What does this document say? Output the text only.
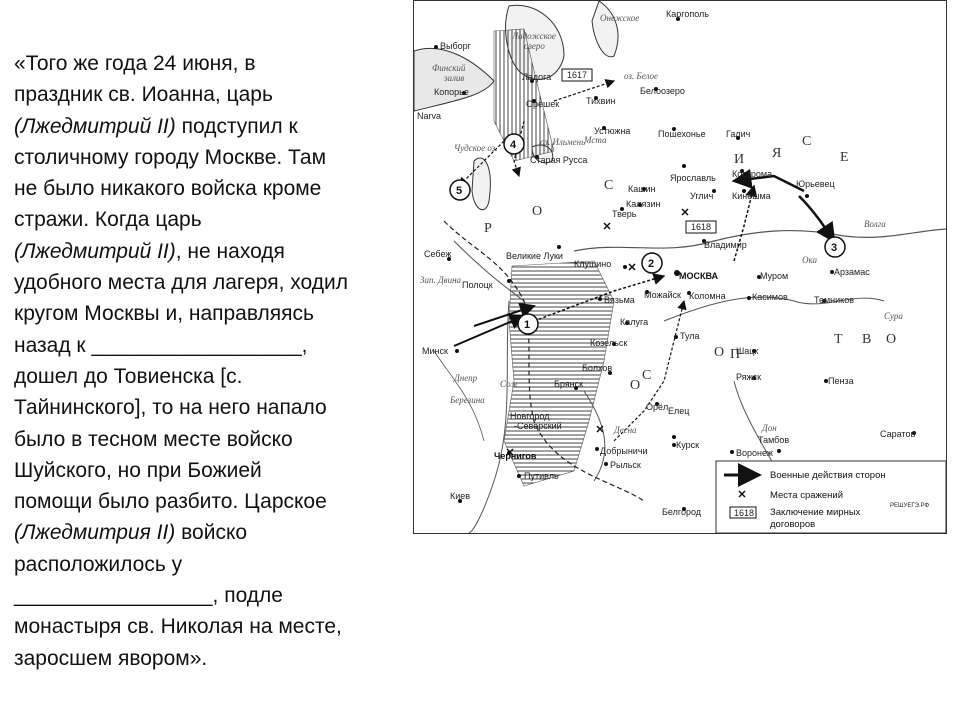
«Того же года 24 июня, в
праздник св. Иоанна, царь
(Лжедмитрий II) подступил к
столичному городу Москве. Там
не было никакого войска кроме
стражи. Когда царь
(Лжедмитрий II), не находя
удобного места для лагеря, ходил
кругом Москвы и, направляясь
назад к __________________,
дошел до Товиенска [с.
Тайнинского], то на него напало
было в тесном месте войско
Шуйского, но при Божией
помощи было разбито. Царское
(Лжедмитрия II) войско
расположилось у
_________________, подле
монастыря св. Николая на месте,
заросшем явором».
Каргополь
Выборг
Ладога
Орешек
Копорье
Narva
Тихвин
Белоозеро
Устюжна	Пошехонье Галич
Кострома
Ярославль
Старая Русса
Кашин
Углич Кинешма
Юрьевец
Калязин
Тверь
Владимир
Великие Луки
Клушино
МОСКВА
Полоцк
Вязьма Можайск Коломна
Муром	Арзамас
Себеж
Касимов	Темников
Калуга
Минск
Козельск
Тула
Шацк
Болхов
Ряжск
Брянск	Пенза
Орёл Елец
Новгород
-Северский
Добрыничи
Чернигов
Курск	Тамбов
Путивль
Рыльск
Воронеж
Саратов
Киев
Белгород
Р
О
С
И Я	Е
С
Т В О
П
О
О
С
Финский
залив
Ладожское
озеро
Онежское
оз. Белое
оз. Ильмень
Чудское оз.
Волга
Ока
Днепр
Десна	Дон
Сура
Мста
Зап. Двина
Березина
Сож
1617
1618
4
5
2
3
1
Военные действия сторон
Места сражений
1618 Заключение мирных
договоров
РЕШУЕГЭ.РФ
